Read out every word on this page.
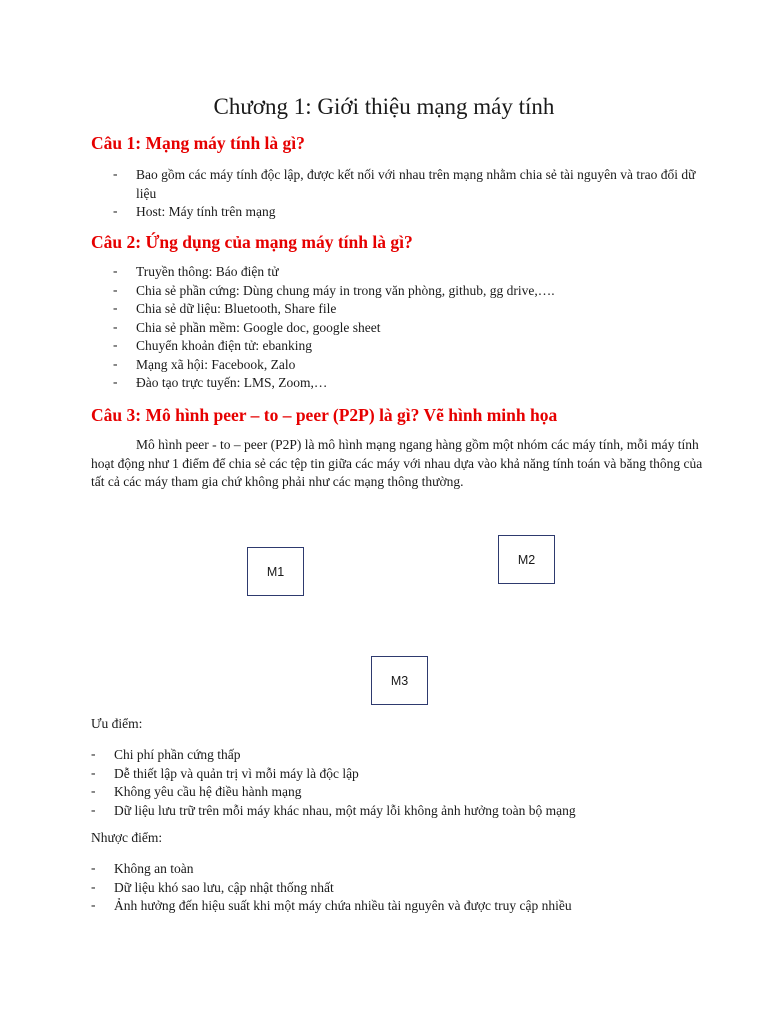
Chương 1: Giới thiệu mạng máy tính
Câu 1: Mạng máy tính là gì?
- Bao gồm các máy tính độc lập, được kết nối với nhau trên mạng nhằm chia sẻ tài nguyên và trao đổi dữ liệu
- Host: Máy tính trên mạng
Câu 2: Ứng dụng của mạng máy tính là gì?
- Truyền thông: Báo điện tử
- Chia sẻ phần cứng: Dùng chung máy in trong văn phòng, github, gg drive,….
- Chia sẻ dữ liệu: Bluetooth, Share file
- Chia sẻ phần mềm: Google doc, google sheet
- Chuyển khoản điện tử: ebanking
- Mạng xã hội: Facebook, Zalo
- Đào tạo trực tuyến: LMS, Zoom,…
Câu 3: Mô hình peer – to – peer (P2P) là gì? Vẽ hình minh họa

Mô hình peer - to – peer (P2P) là mô hình mạng ngang hàng gồm một nhóm các máy tính, mỗi máy tính hoạt động như 1 điểm để chia sẻ các tệp tin giữa các máy với nhau dựa vào khả năng tính toán và băng thông của tất cả các máy tham gia chứ không phải như các mạng thông thường.

M1
M2
M3

Ưu điểm:

- Chi phí phần cứng thấp
- Dễ thiết lập và quản trị vì mỗi máy là độc lập
- Không yêu cầu hệ điều hành mạng
- Dữ liệu lưu trữ trên mỗi máy khác nhau, một máy lỗi không ảnh hưởng toàn bộ mạng

Nhược điểm:

- Không an toàn
- Dữ liệu khó sao lưu, cập nhật thống nhất
- Ảnh hưởng đến hiệu suất khi một máy chứa nhiều tài nguyên và được truy cập nhiều
